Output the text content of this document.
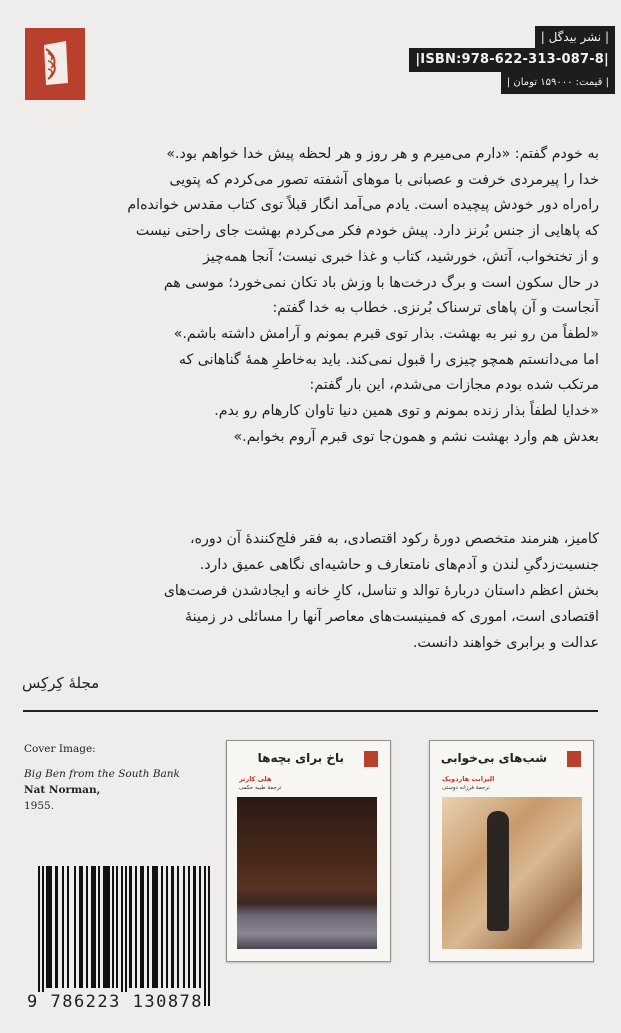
| نشر بیدگل |
|ISBN:978-622-313-087-8|
| قیمت: ۱۵۹۰۰۰ تومان |
به خودم گفتم: «دارم می‌میرم و هر روز و هر لحظه پیش خدا خواهم بود.»
خدا را پیرمردی خرفت و عصبانی با موهای آشفته تصور می‌کردم که پتویی
راه‌راه دور خودش پیچیده است. یادم می‌آمد انگار قبلاً توی کتاب مقدس خوانده‌ام
که پاهایی از جنس بُرنز دارد. پیش خودم فکر می‌کردم بهشت جای راحتی نیست
و از تختخواب، آتش، خورشید، کتاب و غذا خبری نیست؛ آنجا همه‌چیز
در حال سکون است و برگ درخت‌ها با وزش باد تکان نمی‌خورد؛ موسی هم
آنجاست و آن پاهای ترسناک بُرنزی. خطاب به خدا گفتم:
«لطفاً من رو نبر به بهشت. بذار توی قبرم بمونم و آرامش داشته باشم.»
اما می‌دانستم همچو چیزی را قبول نمی‌کند. باید به‌خاطرِ همهٔ گناهانی که
مرتکب شده بودم مجازات می‌شدم، این بار گفتم:
«خدایا لطفاً بذار زنده بمونم و توی همین دنیا تاوان کارهام رو بدم.
بعدش هم وارد بهشت نشم و همون‌جا توی قبرم آروم بخوابم.»
کامیز، هنرمند متخصص دورهٔ رکود اقتصادی، به فقر فلج‌کنندهٔ آن دوره،
جنسیت‌زدگیِ لندن و آدم‌های نامتعارف و حاشیه‌ای نگاهی عمیق دارد.
بخش اعظم داستان دربارهٔ توالد و تناسل، کارِ خانه و ایجادشدن فرصت‌های
اقتصادی است، اموری که فمینیست‌های معاصر آنها را مسائلی در زمینهٔ
عدالت و برابری خواهند دانست.
مجلهٔ کِرکِس
Cover Image:
Big Ben from the South Bank
Nat Norman,
1955.
باخ برای بچه‌ها
هلی کارتر
ترجمهٔ طیبه حکمی
شب‌های بی‌خوابی
الیزابت هاردویک
ترجمهٔ فرزانه دوستی
9 786223 130878
